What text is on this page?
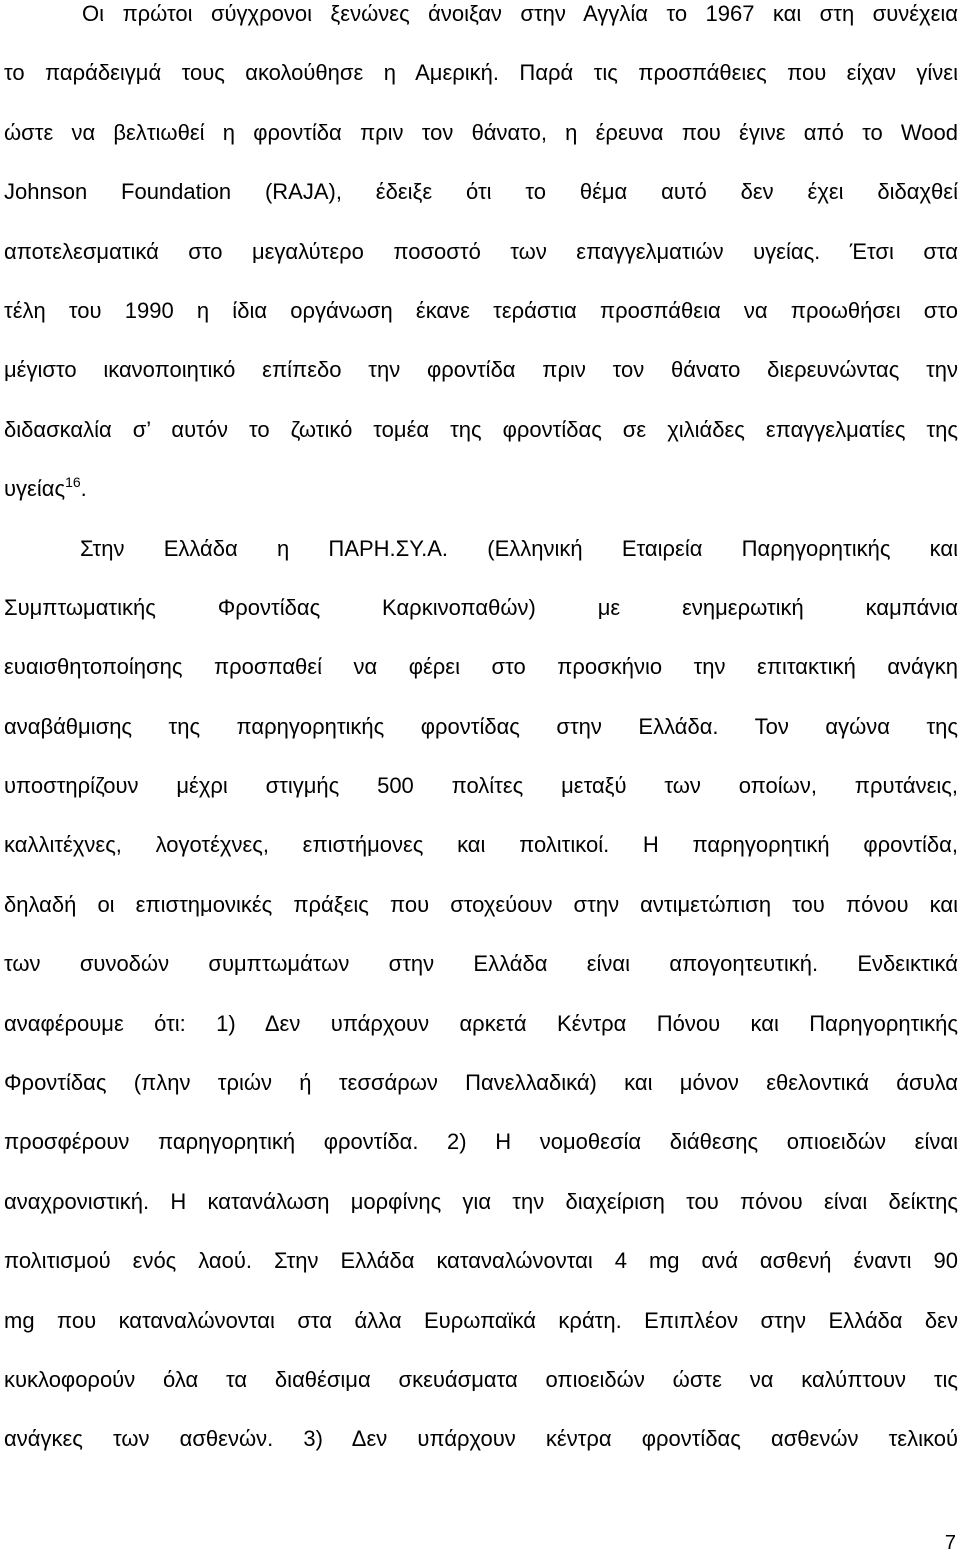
Οι πρώτοι σύγχρονοι ξενώνες άνοιξαν στην Αγγλία το 1967 και στη συνέχεια
το παράδειγμά τους ακολούθησε η Αμερική. Παρά τις προσπάθειες που είχαν γίνει
ώστε να βελτιωθεί η φροντίδα πριν τον θάνατο, η έρευνα που έγινε από το Wood
Johnson Foundation (RAJA), έδειξε ότι το θέμα αυτό δεν έχει διδαχθεί
αποτελεσματικά στο μεγαλύτερο ποσοστό των επαγγελματιών υγείας. Έτσι στα
τέλη του 1990 η ίδια οργάνωση έκανε τεράστια προσπάθεια να προωθήσει στο
μέγιστο ικανοποιητικό επίπεδο την φροντίδα πριν τον θάνατο διερευνώντας την
διδασκαλία σ’ αυτόν το ζωτικό τομέα της φροντίδας σε χιλιάδες επαγγελματίες της
υγείας$^{16}$.
Στην Ελλάδα η ΠΑΡΗ.ΣΥ.Α. (Ελληνική Εταιρεία Παρηγορητικής και
Συμπτωματικής Φροντίδας Καρκινοπαθών) με ενημερωτική καμπάνια
ευαισθητοποίησης προσπαθεί να φέρει στο προσκήνιο την επιτακτική ανάγκη
αναβάθμισης της παρηγορητικής φροντίδας στην Ελλάδα. Τον αγώνα της
υποστηρίζουν μέχρι στιγμής 500 πολίτες μεταξύ των οποίων, πρυτάνεις,
καλλιτέχνες, λογοτέχνες, επιστήμονες και πολιτικοί. Η παρηγορητική φροντίδα,
δηλαδή οι επιστημονικές πράξεις που στοχεύουν στην αντιμετώπιση του πόνου και
των συνοδών συμπτωμάτων στην Ελλάδα είναι απογοητευτική. Ενδεικτικά
αναφέρουμε ότι: 1) Δεν υπάρχουν αρκετά Κέντρα Πόνου και Παρηγορητικής
Φροντίδας (πλην τριών ή τεσσάρων Πανελλαδικά) και μόνον εθελοντικά άσυλα
προσφέρουν παρηγορητική φροντίδα. 2) Η νομοθεσία διάθεσης οπιοειδών είναι
αναχρονιστική. Η κατανάλωση μορφίνης για την διαχείριση του πόνου είναι δείκτης
πολιτισμού ενός λαού. Στην Ελλάδα καταναλώνονται 4 mg ανά ασθενή έναντι 90
mg που καταναλώνονται στα άλλα Ευρωπαϊκά κράτη. Επιπλέον στην Ελλάδα δεν
κυκλοφορούν όλα τα διαθέσιμα σκευάσματα οπιοειδών ώστε να καλύπτουν τις
ανάγκες των ασθενών. 3) Δεν υπάρχουν κέντρα φροντίδας ασθενών τελικού
7
